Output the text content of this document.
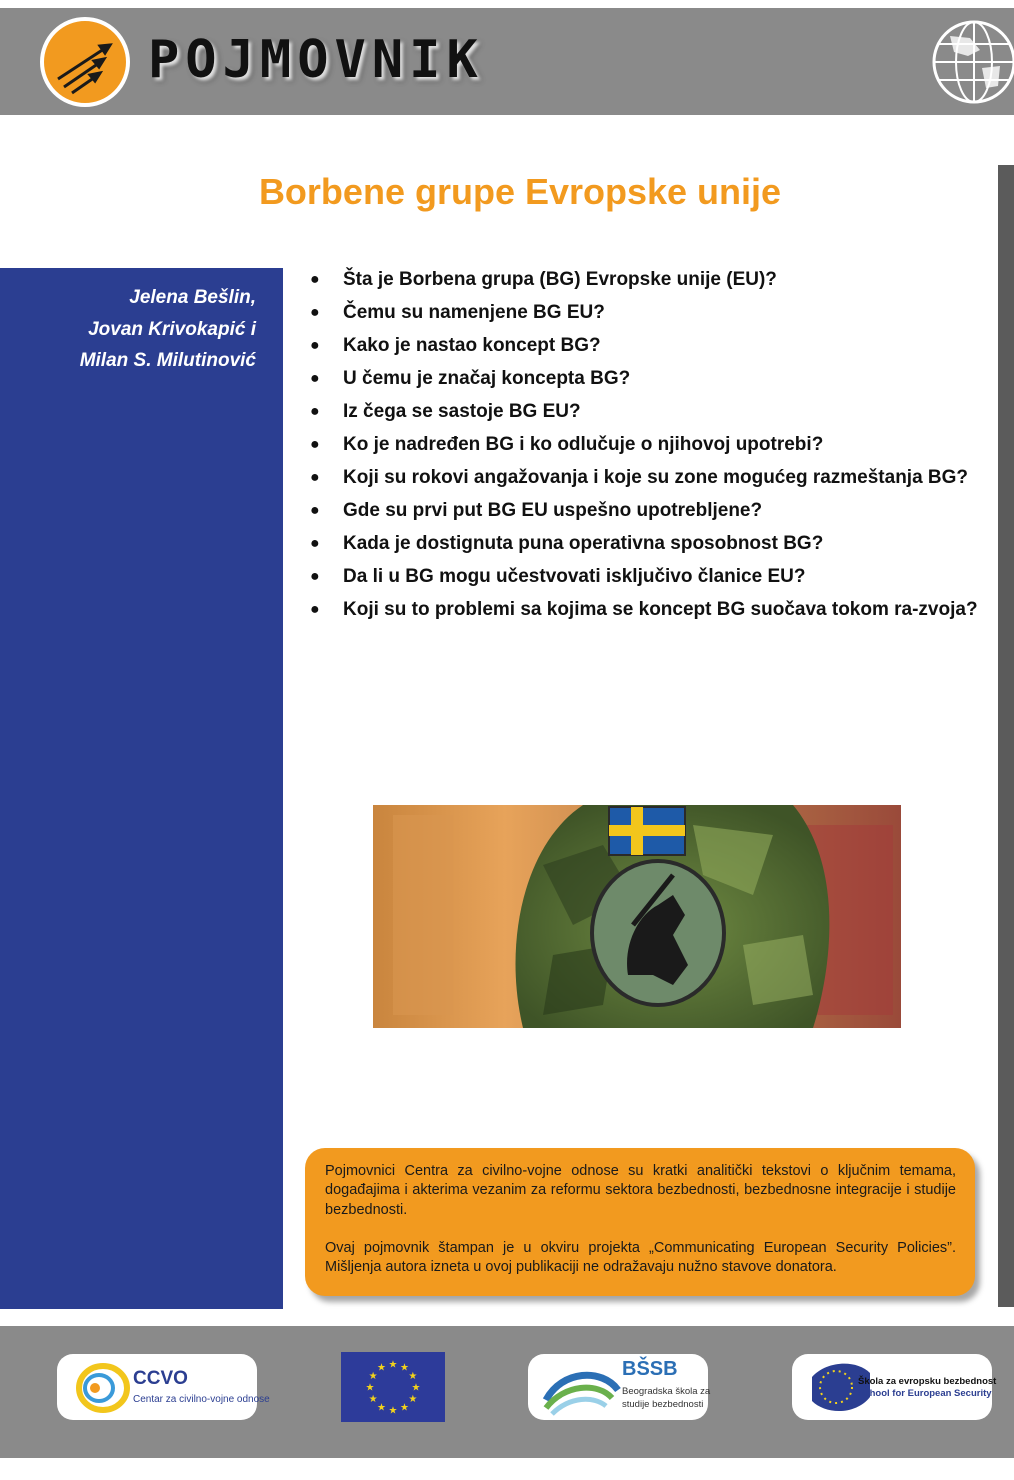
POJMOVNIK
Borbene grupe Evropske unije
Jelena Bešlin,
Jovan Krivokapić i
Milan S. Milutinović
● Šta je Borbena grupa (BG) Evropske unije (EU)?
● Čemu su namenjene BG EU?
● Kako je nastao koncept BG?
● U čemu je značaj koncepta BG?
● Iz čega se sastoje BG EU?
● Ko je nadređen BG i ko odlučuje o njihovoj upotrebi?
● Koji su rokovi angažovanja i koje su zone mogućeg razmeštanja BG?
● Gde su prvi put BG EU uspešno upotrebljene?
● Kada je dostignuta puna operativna sposobnost BG?
● Da li u BG mogu učestvovati isključivo članice EU?
● Koji su to problemi sa kojima se koncept BG suočava tokom ra-zvoja?

Pojmovnici Centra za civilno-vojne odnose su kratki analitički tekstovi o ključnim temama, događajima i akterima vezanim za reformu sektora bezbednosti, bezbednosne integracije i studije bezbednosti.

Ovaj pojmovnik štampan je u okviru projekta „Communicating European Security Policies”. Mišljenja autora izneta u ovoj publikaciji ne odražavaju nužno stavove donatora.

CCVO
Centar za civilno-vojne odnose
★ ★
★
★
★
★
★
★
★
★
★
★	BŠSB
Beogradska škola za
studije bezbednosti
Škola za evropsku bezbednost
School for European Security
